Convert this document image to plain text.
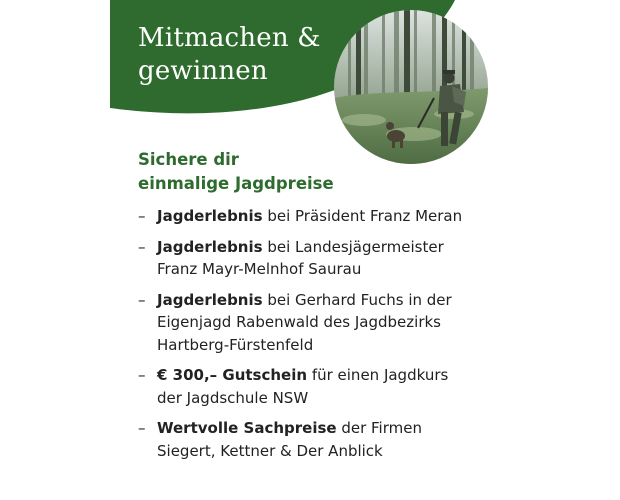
Mitmachen &
gewinnen
Sichere dir
einmalige Jagdpreise
– Jagderlebnis bei Präsident Franz Meran
– Jagderlebnis bei Landesjägermeister
Franz Mayr-Melnhof Saurau
– Jagderlebnis bei Gerhard Fuchs in der
Eigenjagd Rabenwald des Jagdbezirks
Hartberg-Fürstenfeld
– € 300,– Gutschein für einen Jagdkurs
der Jagdschule NSW
– Wertvolle Sachpreise der Firmen
Siegert, Kettner & Der Anblick
